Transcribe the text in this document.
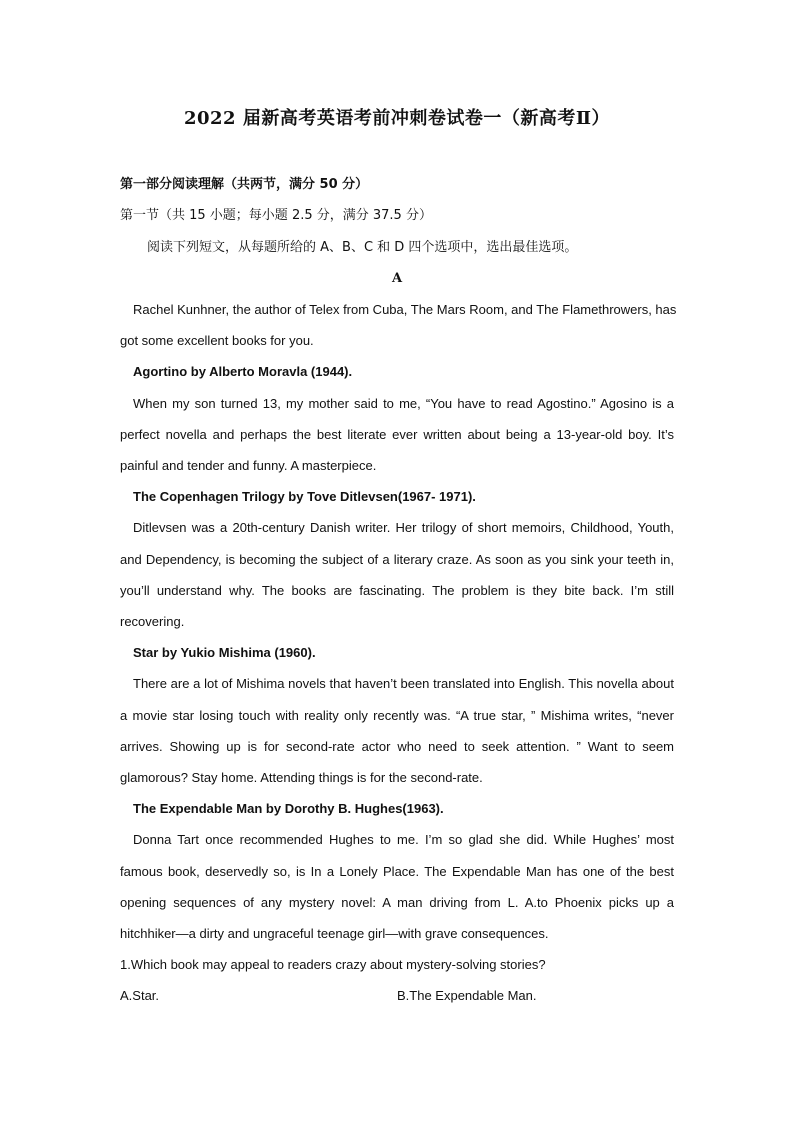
2022 届新高考英语考前冲刺卷试卷一（新高考Ⅱ）
第一部分阅读理解（共两节，满分 50 分）
第一节（共 15 小题；每小题 2.5 分，满分 37.5 分）
阅读下列短文，从每题所给的 A、B、C 和 D 四个选项中，选出最佳选项。
A
Rachel Kunhner, the author of Telex from Cuba, The Mars Room, and The Flamethrowers, has
got some excellent books for you.
Agortino by Alberto Moravla (1944).
When my son turned 13, my mother said to me, “You have to read Agostino.” Agosino is a
perfect novella and perhaps the best literate ever written about being a 13-year-old boy. It’s
painful and tender and funny. A masterpiece.
The Copenhagen Trilogy by Tove Ditlevsen(1967- 1971).
Ditlevsen was a 20th-century Danish writer. Her trilogy of short memoirs, Childhood, Youth,
and Dependency, is becoming the subject of a literary craze. As soon as you sink your teeth in,
you’ll understand why. The books are fascinating. The problem is they bite back. I’m still
recovering.
Star by Yukio Mishima (1960).
There are a lot of Mishima novels that haven’t been translated into English. This novella about
a movie star losing touch with reality only recently was. “A true star, ” Mishima writes, “never
arrives. Showing up is for second-rate actor who need to seek attention. ” Want to seem
glamorous? Stay home. Attending things is for the second-rate.
The Expendable Man by Dorothy B. Hughes(1963).
Donna Tart once recommended Hughes to me. I’m so glad she did. While Hughes’ most
famous book, deservedly so, is In a Lonely Place. The Expendable Man has one of the best
opening sequences of any mystery novel: A man driving from L. A.to Phoenix picks up a
hitchhiker—a dirty and ungraceful teenage girl—with grave consequences.
1.Which book may appeal to readers crazy about mystery-solving stories?
A.Star.	B.The Expendable Man.
